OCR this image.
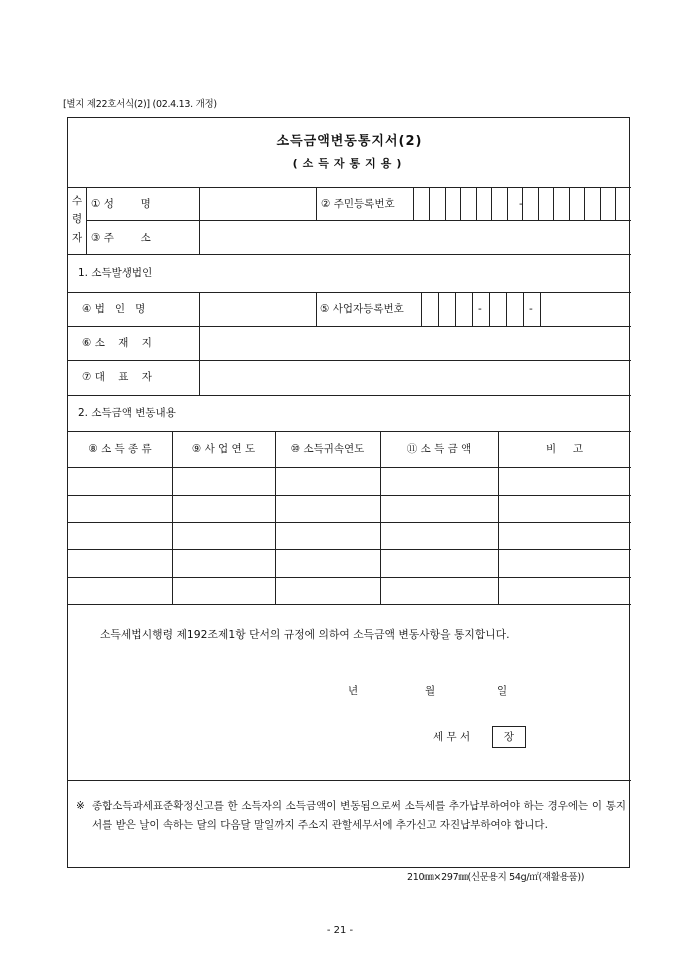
[별지 제22호서식(2)] (02.4.13. 개정)
소득금액변동통지서(2)
(소득자통지용)
-
-	-
수
령
자
① 성        명	② 주민등록번호
③ 주        소
1. 소득발생법인
④ 법   인   명	⑤ 사업자등록번호
⑥ 소    재    지
⑦ 대    표    자
2. 소득금액 변동내용
⑧ 소 득 종 류	⑨ 사 업 연 도	⑩ 소득귀속연도	⑪ 소 득 금 액	비     고
소득세법시행령 제192조제1항 단서의 규정에 의하여 소득금액 변동사항을 통지합니다.
년	월	일
세 무 서	장
※ 종합소득과세표준확정신고를 한 소득자의 소득금액이 변동됨으로써 소득세를 추가납부하여야 하는 경우에는 이 통지서를 받은 날이 속하는 달의 다음달 말일까지 주소지 관할세무서에 추가신고 자진납부하여야 합니다.
210㎜×297㎜(신문용지 54g/㎡(재활용품))
- 21 -
